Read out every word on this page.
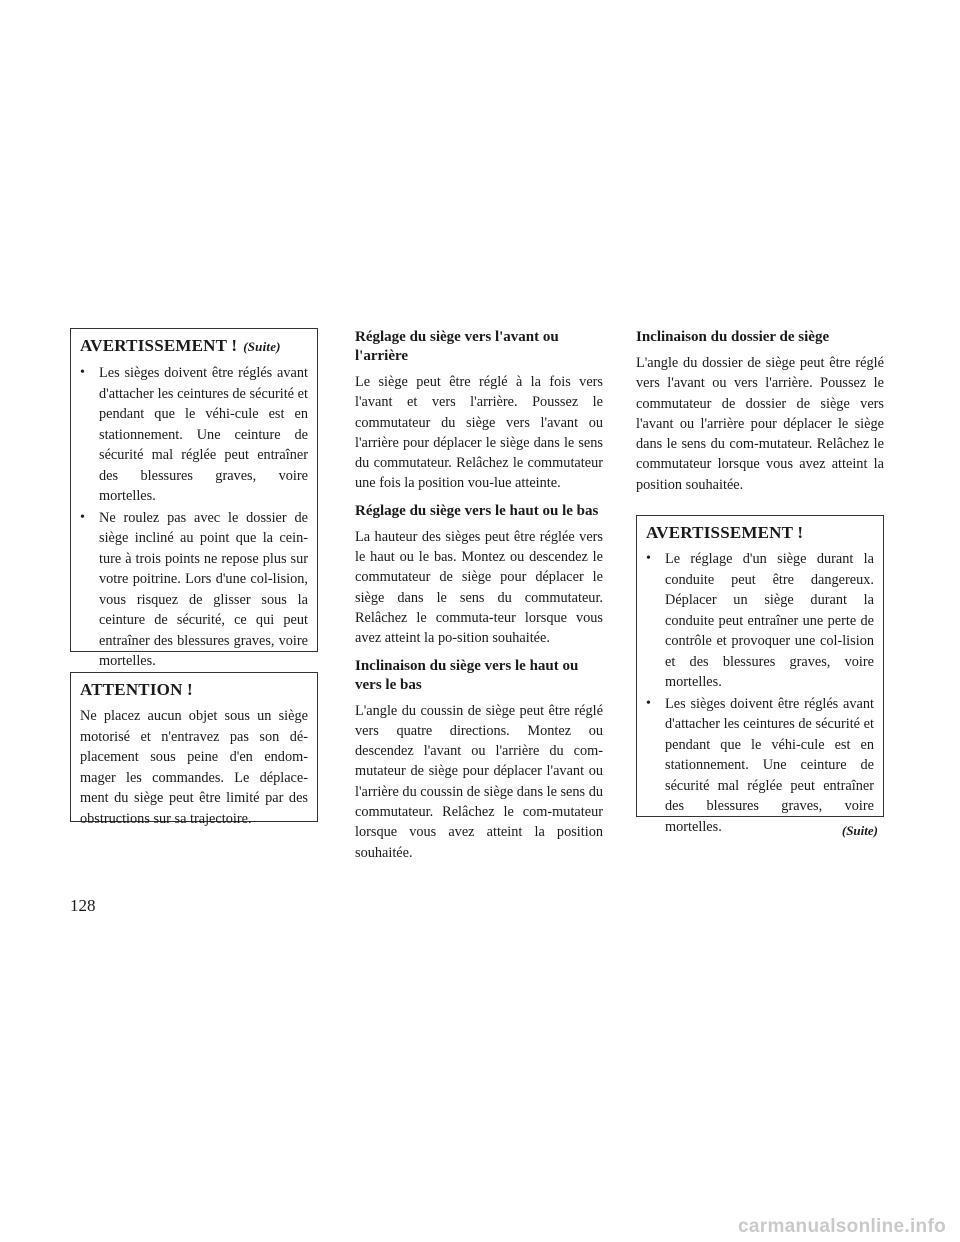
AVERTISSEMENT ! (Suite)
• Les sièges doivent être réglés avant d'attacher les ceintures de sécurité et pendant que le véhi-cule est en stationnement. Une ceinture de sécurité mal réglée peut entraîner des blessures graves, voire mortelles.
• Ne roulez pas avec le dossier de siège incliné au point que la cein-ture à trois points ne repose plus sur votre poitrine. Lors d'une col-lision, vous risquez de glisser sous la ceinture de sécurité, ce qui peut entraîner des blessures graves, voire mortelles.
ATTENTION !

Ne placez aucun objet sous un siège motorisé et n'entravez pas son dé-placement sous peine d'en endom-mager les commandes. Le déplace-ment du siège peut être limité par des obstructions sur sa trajectoire.

Réglage du siège vers l'avant ou l'arrière

Le siège peut être réglé à la fois vers l'avant et vers l'arrière. Poussez le commutateur du siège vers l'avant ou l'arrière pour déplacer le siège dans le sens du commutateur. Relâchez le commutateur une fois la position vou-lue atteinte.

Réglage du siège vers le haut ou le bas

La hauteur des sièges peut être réglée vers le haut ou le bas. Montez ou descendez le commutateur de siège pour déplacer le siège dans le sens du commutateur. Relâchez le commuta-teur lorsque vous avez atteint la po-sition souhaitée.

Inclinaison du siège vers le haut ou vers le bas

L'angle du coussin de siège peut être réglé vers quatre directions. Montez ou descendez l'avant ou l'arrière du com-mutateur de siège pour déplacer l'avant ou l'arrière du coussin de siège dans le sens du commutateur. Relâchez le com-mutateur lorsque vous avez atteint la position souhaitée.

Inclinaison du dossier de siège

L'angle du dossier de siège peut être réglé vers l'avant ou vers l'arrière. Poussez le commutateur de dossier de siège vers l'avant ou l'arrière pour déplacer le siège dans le sens du com-mutateur. Relâchez le commutateur lorsque vous avez atteint la position souhaitée.

AVERTISSEMENT !
• Le réglage d'un siège durant la conduite peut être dangereux. Déplacer un siège durant la conduite peut entraîner une perte de contrôle et provoquer une col-lision et des blessures graves, voire mortelles.
• Les sièges doivent être réglés avant d'attacher les ceintures de sécurité et pendant que le véhi-cule est en stationnement. Une ceinture de sécurité mal réglée peut entraîner des blessures graves, voire mortelles.	(Suite)
128
carmanualsonline.info
